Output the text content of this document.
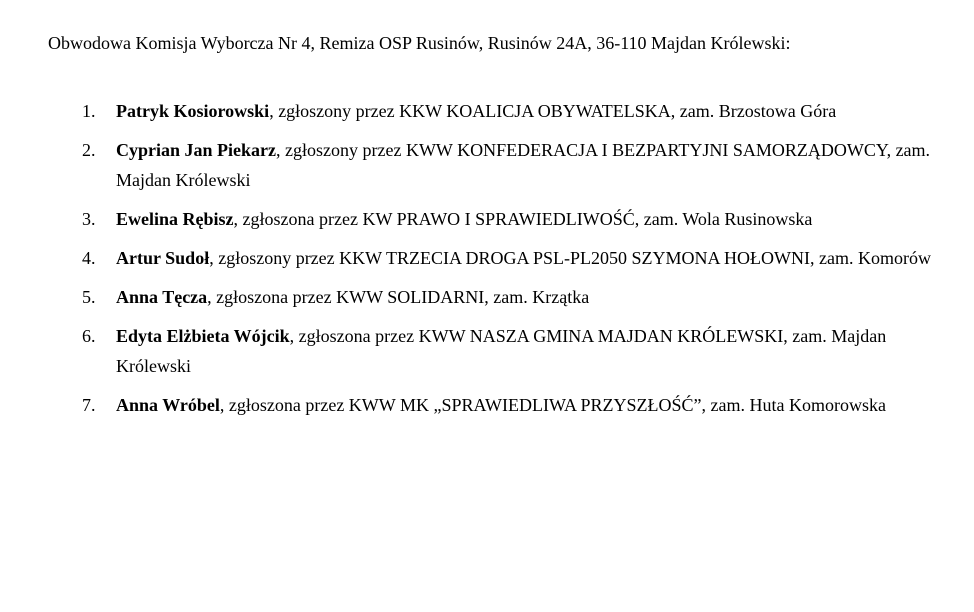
Obwodowa Komisja Wyborcza Nr 4, Remiza OSP Rusinów, Rusinów 24A, 36-110 Majdan Królewski:

1. Patryk Kosiorowski, zgłoszony przez KKW KOALICJA OBYWATELSKA, zam. Brzostowa Góra
2. Cyprian Jan Piekarz, zgłoszony przez KWW KONFEDERACJA I BEZPARTYJNI SAMORZĄDOWCY, zam. Majdan Królewski
3. Ewelina Rębisz, zgłoszona przez KW PRAWO I SPRAWIEDLIWOŚĆ, zam. Wola Rusinowska
4. Artur Sudoł, zgłoszony przez KKW TRZECIA DROGA PSL-PL2050 SZYMONA HOŁOWNI, zam. Komorów
5. Anna Tęcza, zgłoszona przez KWW SOLIDARNI, zam. Krzątka
6. Edyta Elżbieta Wójcik, zgłoszona przez KWW NASZA GMINA MAJDAN KRÓLEWSKI, zam. Majdan Królewski
7. Anna Wróbel, zgłoszona przez KWW MK „SPRAWIEDLIWA PRZYSZŁOŚĆ”, zam. Huta Komorowska
